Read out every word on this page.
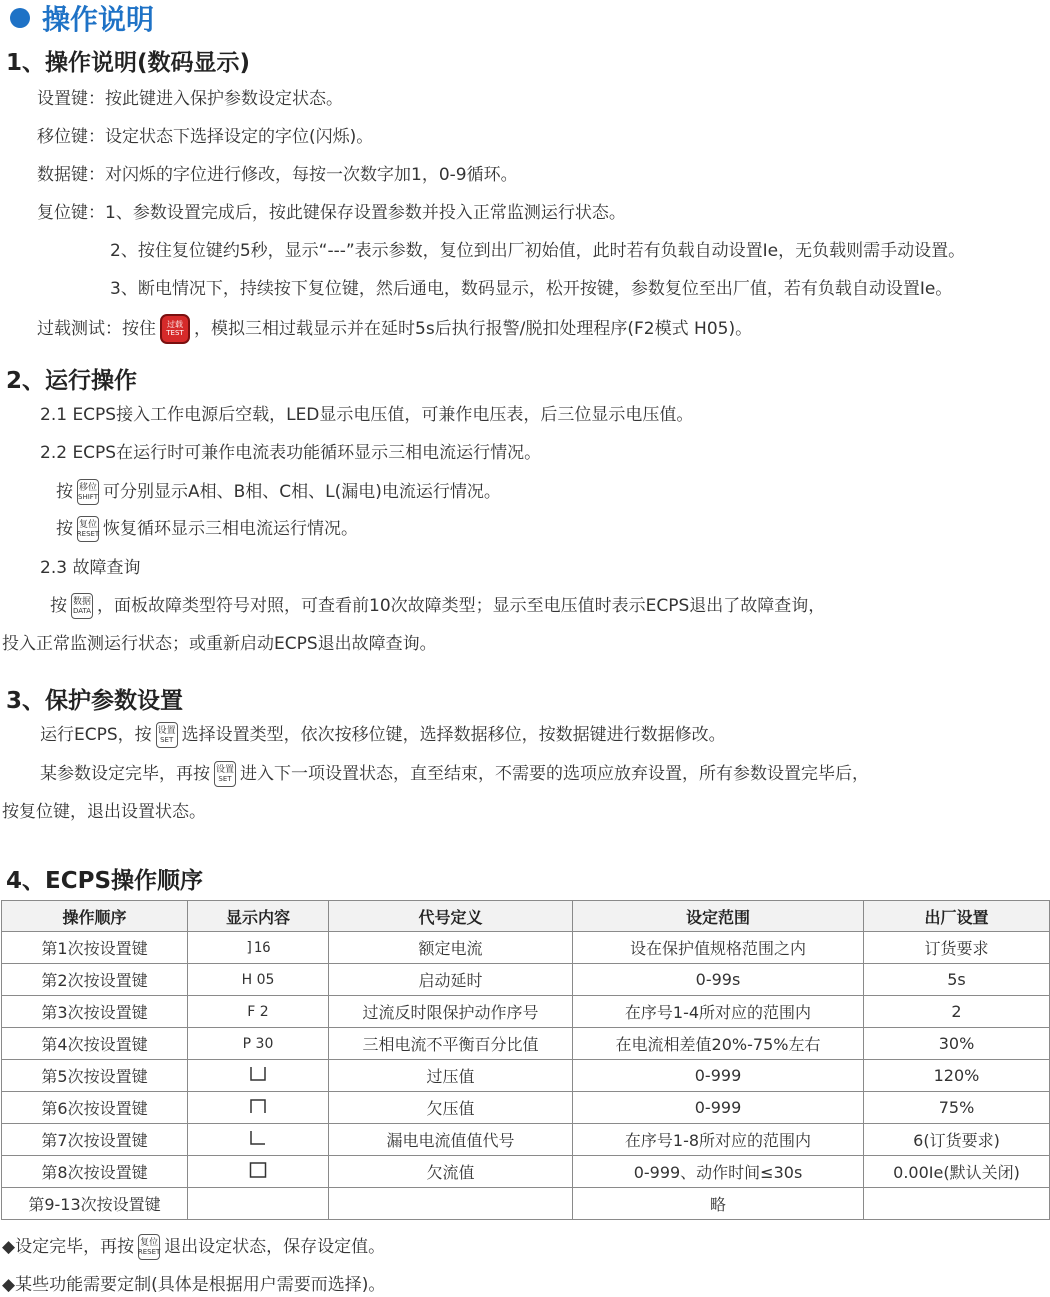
操作说明
1、操作说明(数码显示)
设置键：按此键进入保护参数设定状态。
移位键：设定状态下选择设定的字位(闪烁)。
数据键：对闪烁的字位进行修改，每按一次数字加1，0-9循环。
复位键：1、参数设置完成后，按此键保存设置参数并投入正常监测运行状态。
2、按住复位键约5秒，显示“---”表示参数，复位到出厂初始值，此时若有负载自动设置Ie，无负载则需手动设置。
3、断电情况下，持续按下复位键，然后通电，数码显示，松开按键，参数复位至出厂值，若有负载自动设置Ie。
过载测试：按住 过载
TEST ，模拟三相过载显示并在延时5s后执行报警/脱扣处理程序(F2模式 H05)。
2、运行操作
2.1 ECPS接入工作电源后空载，LED显示电压值，可兼作电压表，后三位显示电压值。
2.2 ECPS在运行时可兼作电流表功能循环显示三相电流运行情况。
按 移位
SHIFT 可分别显示A相、B相、C相、L(漏电)电流运行情况。
按 复位
RESET 恢复循环显示三相电流运行情况。
2.3 故障查询
按 数据
DATA ，面板故障类型符号对照，可查看前10次故障类型；显示至电压值时表示ECPS退出了故障查询，
投入正常监测运行状态；或重新启动ECPS退出故障查询。
3、保护参数设置
运行ECPS，按 设置
SET 选择设置类型，依次按移位键，选择数据移位，按数据键进行数据修改。
某参数设定完毕，再按 设置
SET 进入下一项设置状态，直至结束，不需要的选项应放弃设置，所有参数设置完毕后，
按复位键，退出设置状态。
4、ECPS操作顺序
操作顺序	显示内容	代号定义	设定范围	出厂设置
第1次按设置键	]16	额定电流	设在保护值规格范围之内	订货要求
第2次按设置键	H 05	启动延时	0-99s	5s
第3次按设置键	F 2	过流反时限保护动作序号	在序号1-4所对应的范围内	2
第4次按设置键	P 30	三相电流不平衡百分比值	在电流相差值20%-75%左右	30%
第5次按设置键		过压值	0-999	120%
第6次按设置键		欠压值	0-999	75%
第7次按设置键		漏电电流值值代号	在序号1-8所对应的范围内	6(订货要求)
第8次按设置键		欠流值	0-999、动作时间≤30s	0.00Ie(默认关闭)
第9-13次按设置键			略	
◆设定完毕，再按 复位
RESET 退出设定状态，保存设定值。
◆某些功能需要定制(具体是根据用户需要而选择)。
